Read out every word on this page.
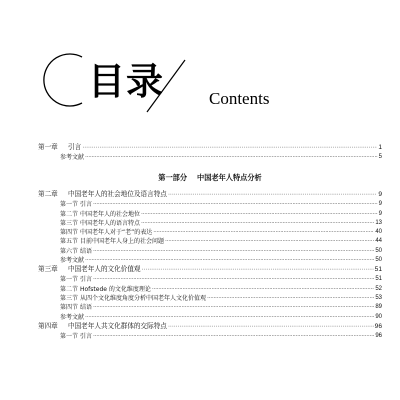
目录	Contents
第一章 引言 ·····	1
参考文献 ·····	5
第一部分 中国老年人特点分析
第二章 中国老年人的社会地位及语言特点 ·····	9
第一节 引言 ·····	9
第二节 中国老年人的社会地位 ·····	9
第三节 中国老年人的语言特点 ·····	13
第四节 中国老年人对于“老”的表达 ·····	40
第五节 目前中国老年人身上的社会问题 ·····	44
第六节 结语 ·····	50
参考文献 ·····	50
第三章 中国老年人的文化价值观 ·····	51
第一节 引言 ·····	51
第二节 Hofstede 的文化维度理论 ·····	52
第三节 从四个文化维度角度分析中国老年人文化价值观 ·····	53
第四节 结语 ·····	89
参考文献 ·····	90
第四章 中国老年人共文化群体的交际特点 ·····	96
第一节 引言 ·····	96
